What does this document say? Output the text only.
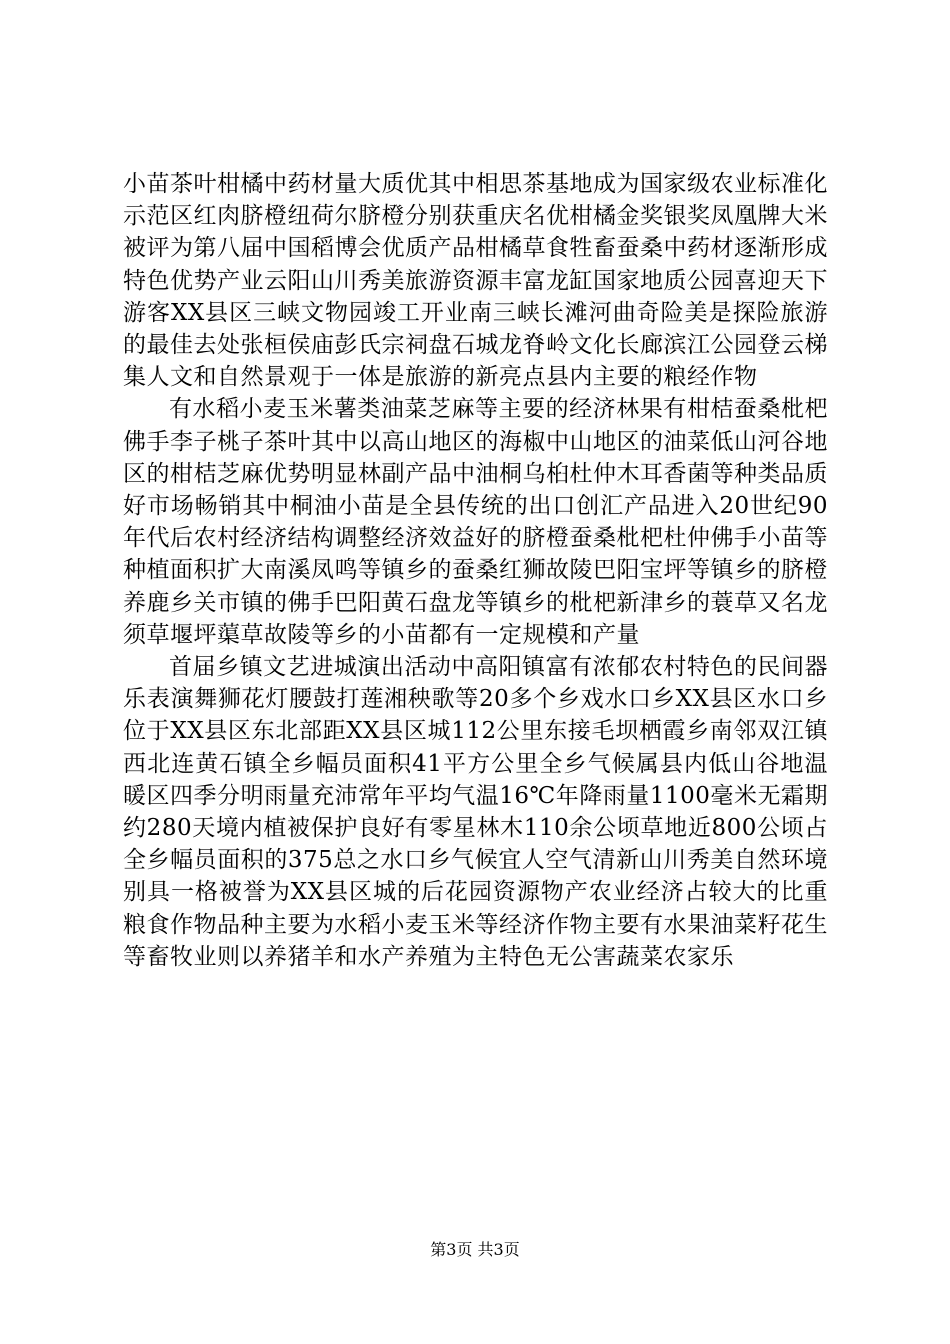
小苗茶叶柑橘中药材量大质优其中相思茶基地成为国家级农业标准化示范区红肉脐橙纽荷尔脐橙分别获重庆名优柑橘金奖银奖凤凰牌大米被评为第八届中国稻博会优质产品柑橘草食牲畜蚕桑中药材逐渐形成特色优势产业云阳山川秀美旅游资源丰富龙缸国家地质公园喜迎天下游客XX县区三峡文物园竣工开业南三峡长滩河曲奇险美是探险旅游的最佳去处张桓侯庙彭氏宗祠盘石城龙脊岭文化长廊滨江公园登云梯集人文和自然景观于一体是旅游的新亮点县内主要的粮经作物

有水稻小麦玉米薯类油菜芝麻等主要的经济林果有柑桔蚕桑枇杷佛手李子桃子茶叶其中以高山地区的海椒中山地区的油菜低山河谷地区的柑桔芝麻优势明显林副产品中油桐乌桕杜仲木耳香菌等种类品质好市场畅销其中桐油小苗是全县传统的出口创汇产品进入20世纪90年代后农村经济结构调整经济效益好的脐橙蚕桑枇杷杜仲佛手小苗等种植面积扩大南溪凤鸣等镇乡的蚕桑红狮故陵巴阳宝坪等镇乡的脐橙养鹿乡关市镇的佛手巴阳黄石盘龙等镇乡的枇杷新津乡的蓑草又名龙须草堰坪蕖草故陵等乡的小苗都有一定规模和产量

首届乡镇文艺进城演出活动中高阳镇富有浓郁农村特色的民间器乐表演舞狮花灯腰鼓打莲湘秧歌等20多个乡戏水口乡XX县区水口乡位于XX县区东北部距XX县区城112公里东接毛坝栖霞乡南邻双江镇西北连黄石镇全乡幅员面积41平方公里全乡气候属县内低山谷地温暖区四季分明雨量充沛常年平均气温16℃年降雨量1100毫米无霜期约280天境内植被保护良好有零星林木110余公顷草地近800公顷占全乡幅员面积的375总之水口乡气候宜人空气清新山川秀美自然环境别具一格被誉为XX县区城的后花园资源物产农业经济占较大的比重粮食作物品种主要为水稻小麦玉米等经济作物主要有水果油菜籽花生等畜牧业则以养猪羊和水产养殖为主特色无公害蔬菜农家乐

第3页 共3页
